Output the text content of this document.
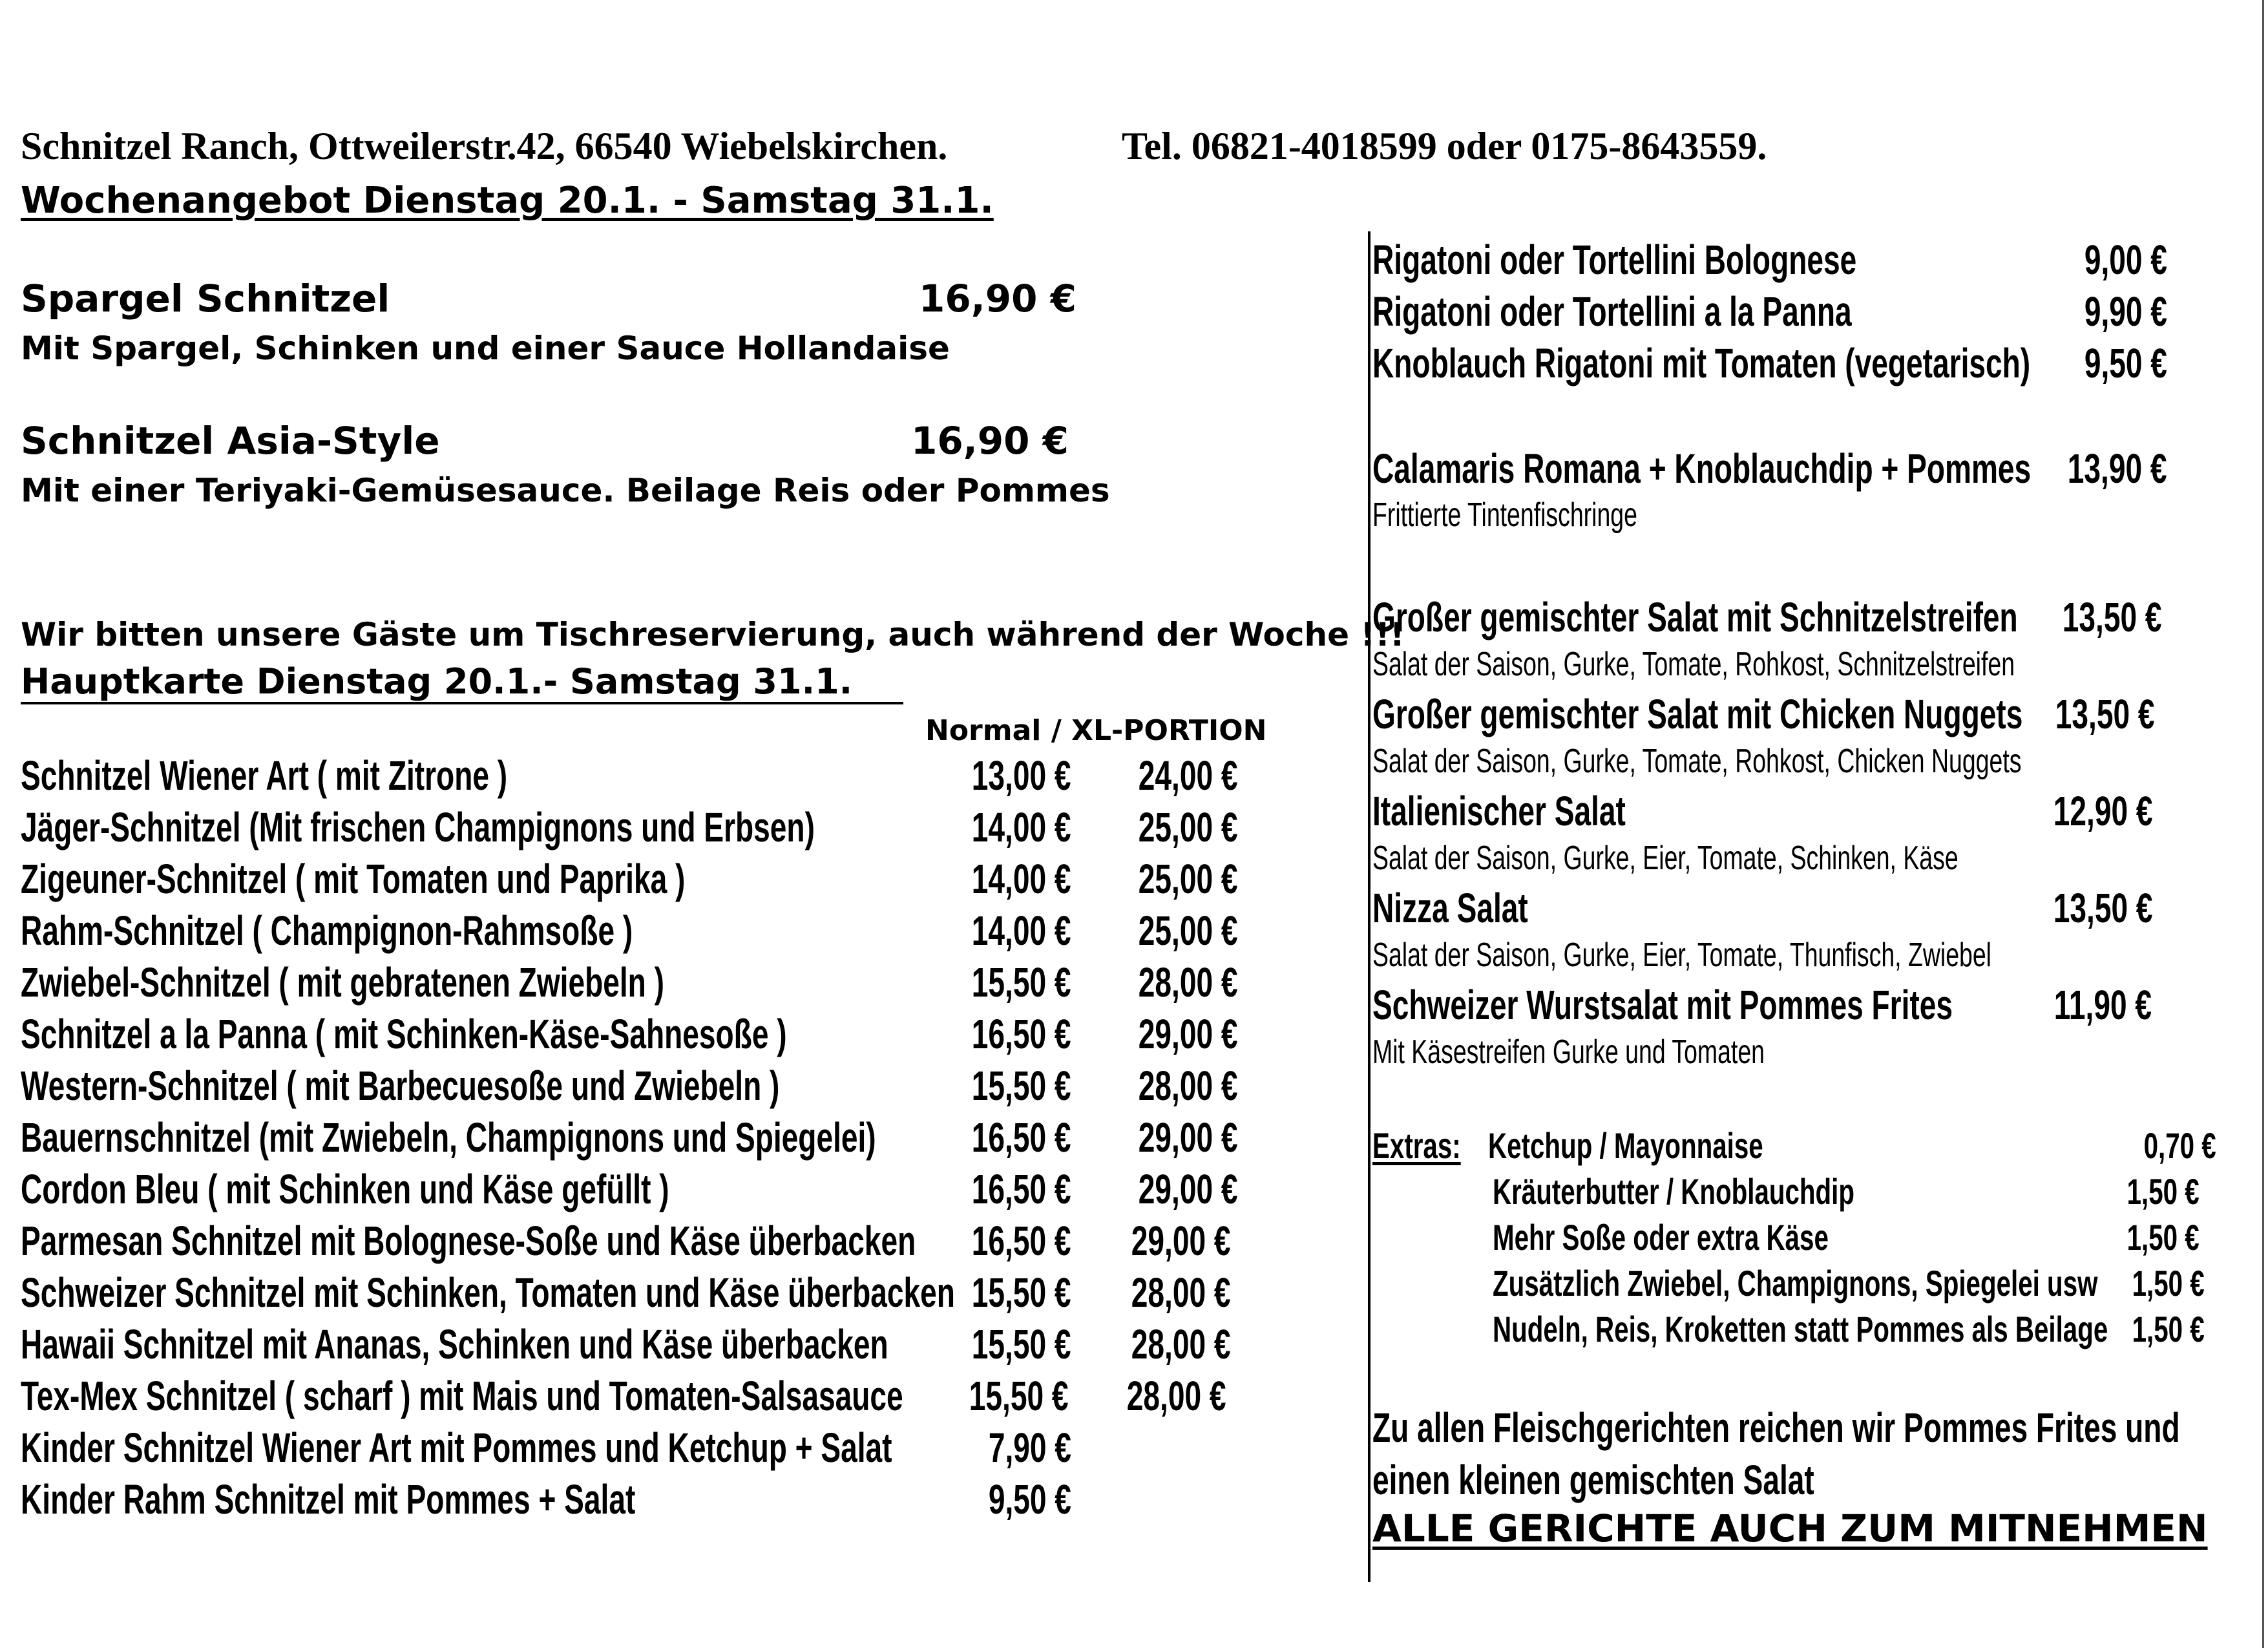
Schnitzel Ranch, Ottweilerstr.42, 66540 Wiebelskirchen.	Tel. 06821-4018599 oder 0175-8643559.
Wochenangebot Dienstag 20.1. - Samstag 31.1.
Spargel Schnitzel	16,90 €
Mit Spargel, Schinken und einer Sauce Hollandaise
Schnitzel Asia-Style	16,90 €
Mit einer Teriyaki-Gemüsesauce. Beilage Reis oder Pommes
Wir bitten unsere Gäste um Tischreservierung, auch während der Woche !!!
Hauptkarte Dienstag 20.1.- Samstag 31.1.
Normal / XL-PORTION
Schnitzel Wiener Art ( mit Zitrone )	13,00 € 24,00 €
Jäger-Schnitzel (Mit frischen Champignons und Erbsen)	14,00 € 25,00 €
Zigeuner-Schnitzel ( mit Tomaten und Paprika )	14,00 € 25,00 €
Rahm-Schnitzel ( Champignon-Rahmsoße )	14,00 € 25,00 €
Zwiebel-Schnitzel ( mit gebratenen Zwiebeln )	15,50 € 28,00 €
Schnitzel a la Panna ( mit Schinken-Käse-Sahnesoße )	16,50 € 29,00 €
Western-Schnitzel ( mit Barbecuesoße und Zwiebeln )	15,50 € 28,00 €
Bauernschnitzel (mit Zwiebeln, Champignons und Spiegelei) 16,50 € 29,00 €
Cordon Bleu ( mit Schinken und Käse gefüllt )	16,50 € 29,00 €
Parmesan Schnitzel mit Bolognese-Soße und Käse überbacken 16,50 € 29,00 €
Schweizer Schnitzel mit Schinken, Tomaten und Käse überbacken 15,50 € 28,00 €
Hawaii Schnitzel mit Ananas, Schinken und Käse überbacken 15,50 € 28,00 €
Tex-Mex Schnitzel ( scharf ) mit Mais und Tomaten-Salsasauce 15,50 € 28,00 €
Kinder Schnitzel Wiener Art mit Pommes und Ketchup + Salat 7,90 €
Kinder Rahm Schnitzel mit Pommes + Salat	9,50 €
Rigatoni oder Tortellini Bolognese	9,00 €
Rigatoni oder Tortellini a la Panna	9,90 €
Knoblauch Rigatoni mit Tomaten (vegetarisch) 9,50 €
Calamaris Romana + Knoblauchdip + Pommes 13,90 €
Frittierte Tintenfischringe
Großer gemischter Salat mit Schnitzelstreifen 13,50 €
Salat der Saison, Gurke, Tomate, Rohkost, Schnitzelstreifen
Großer gemischter Salat mit Chicken Nuggets 13,50 €
Salat der Saison, Gurke, Tomate, Rohkost, Chicken Nuggets
Italienischer Salat	12,90 €
Salat der Saison, Gurke, Eier, Tomate, Schinken, Käse
Nizza Salat	13,50 €
Salat der Saison, Gurke, Eier, Tomate, Thunfisch, Zwiebel
Schweizer Wurstsalat mit Pommes Frites 11,90 €
Mit Käsestreifen Gurke und Tomaten
Extras: Ketchup / Mayonnaise	0,70 €
Kräuterbutter / Knoblauchdip	1,50 €
Mehr Soße oder extra Käse	1,50 €
Zusätzlich Zwiebel, Champignons, Spiegelei usw 1,50 €
Nudeln, Reis, Kroketten statt Pommes als Beilage 1,50 €
Zu allen Fleischgerichten reichen wir Pommes Frites und
einen kleinen gemischten Salat
ALLE GERICHTE AUCH ZUM MITNEHMEN
